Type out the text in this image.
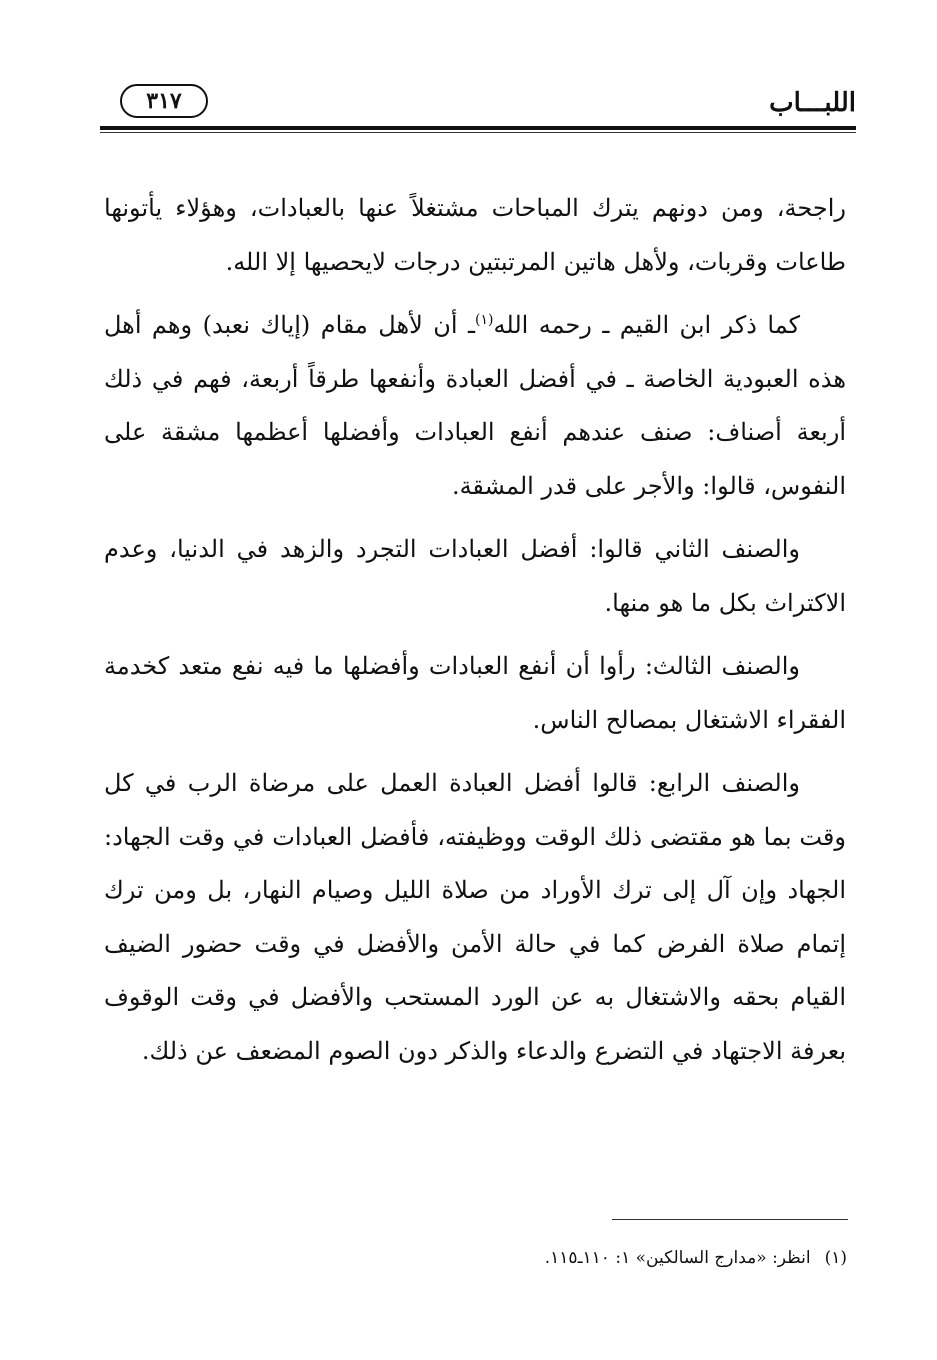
اللبـــاب
٣١٧

راجحة، ومن دونهم يترك المباحات مشتغلاً عنها بالعبادات، وهؤلاء يأتونها طاعات وقربات، ولأهل هاتين المرتبتين درجات لايحصيها إلا الله.

كما ذكر ابن القيم ـ رحمه الله$^{(١)}$ـ أن لأهل مقام (إياك نعبد) وهم أهل هذه العبودية الخاصة ـ في أفضل العبادة وأنفعها طرقاً أربعة، فهم في ذلك أربعة أصناف: صنف عندهم أنفع العبادات وأفضلها أعظمها مشقة على النفوس، قالوا: والأجر على قدر المشقة.

والصنف الثاني قالوا: أفضل العبادات التجرد والزهد في الدنيا، وعدم الاكتراث بكل ما هو منها.

والصنف الثالث: رأوا أن أنفع العبادات وأفضلها ما فيه نفع متعد كخدمة الفقراء الاشتغال بمصالح الناس.

والصنف الرابع: قالوا أفضل العبادة العمل على مرضاة الرب في كل وقت بما هو مقتضى ذلك الوقت ووظيفته، فأفضل العبادات في وقت الجهاد: الجهاد وإن آل إلى ترك الأوراد من صلاة الليل وصيام النهار، بل ومن ترك إتمام صلاة الفرض كما في حالة الأمن والأفضل في وقت حضور الضيف القيام بحقه والاشتغال به عن الورد المستحب والأفضل في وقت الوقوف بعرفة الاجتهاد في التضرع والدعاء والذكر دون الصوم المضعف عن ذلك.

(١)انظر: «مدارج السالكين» ١: ١١٠ـ١١٥.
